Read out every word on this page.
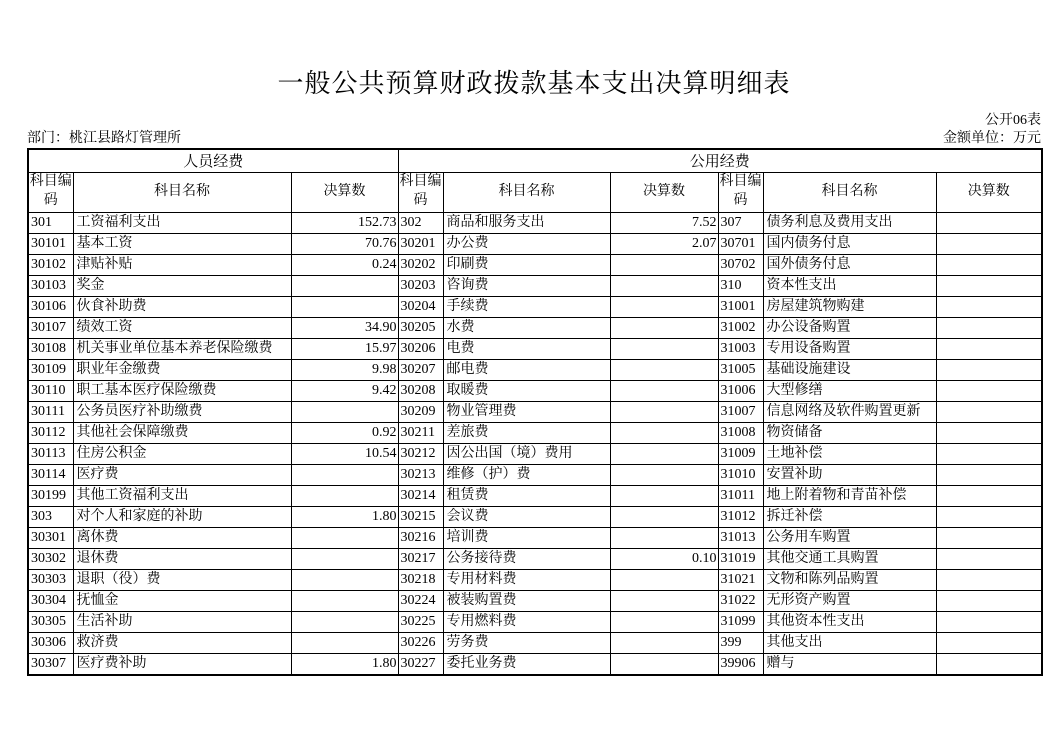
一般公共预算财政拨款基本支出决算明细表
公开06表
部门：桃江县路灯管理所	金额单位：万元
人员经费			公用经费					
科目编码	科目名称	决算数	科目编码	科目名称	决算数	科目编码	科目名称	决算数
301	工资福利支出	152.73	302	商品和服务支出	7.52	307	债务利息及费用支出	
30101	基本工资	70.76	30201	办公费	2.07	30701	国内债务付息	
30102	津贴补贴	0.24	30202	印刷费		30702	国外债务付息	
30103	奖金		30203	咨询费		310	资本性支出	
30106	伙食补助费		30204	手续费		31001	房屋建筑物购建	
30107	绩效工资	34.90	30205	水费		31002	办公设备购置	
30108	机关事业单位基本养老保险缴费	15.97	30206	电费		31003	专用设备购置	
30109	职业年金缴费	9.98	30207	邮电费		31005	基础设施建设	
30110	职工基本医疗保险缴费	9.42	30208	取暖费		31006	大型修缮	
30111	公务员医疗补助缴费		30209	物业管理费		31007	信息网络及软件购置更新	
30112	其他社会保障缴费	0.92	30211	差旅费		31008	物资储备	
30113	住房公积金	10.54	30212	因公出国（境）费用		31009	土地补偿	
30114	医疗费		30213	维修（护）费		31010	安置补助	
30199	其他工资福利支出		30214	租赁费		31011	地上附着物和青苗补偿	
303	对个人和家庭的补助	1.80	30215	会议费		31012	拆迁补偿	
30301	离休费		30216	培训费		31013	公务用车购置	
30302	退休费		30217	公务接待费	0.10	31019	其他交通工具购置	
30303	退职（役）费		30218	专用材料费		31021	文物和陈列品购置	
30304	抚恤金		30224	被装购置费		31022	无形资产购置	
30305	生活补助		30225	专用燃料费		31099	其他资本性支出	
30306	救济费		30226	劳务费		399	其他支出	
30307	医疗费补助	1.80	30227	委托业务费		39906	赠与	
